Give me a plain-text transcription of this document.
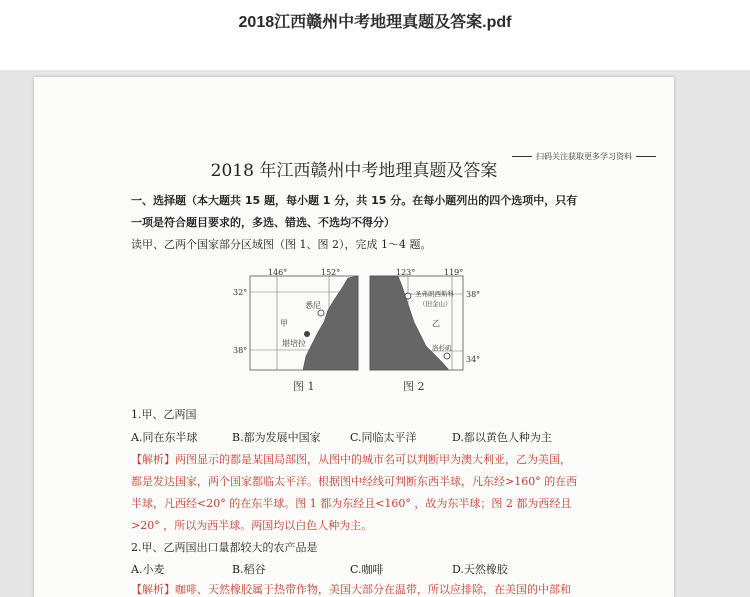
2018江西赣州中考地理真题及答案.pdf
扫码关注获取更多学习资料
2018 年江西赣州中考地理真题及答案
一、选择题（本大题共 15 题，每小题 1 分，共 15 分。在每小题列出的四个选项中，只有
一项是符合题目要求的，多选、错选、不选均不得分）
读甲、乙两个国家部分区域图（图 1、图 2），完成 1～4 题。
146°	152°
32°
38°
悉尼
甲
堪培拉
图 1
123°	119°
38°
34°
圣弗朗西斯科
（旧金山）
乙
洛杉矶
图 2
1.甲、乙两国
A.同在东半球	B.都为发展中国家	C.同临太平洋	D.都以黄色人种为主
【解析】两图显示的都是某国局部图，从图中的城市名可以判断甲为澳大利亚，乙为美国，
都是发达国家，两个国家都临太平洋。根据图中经线可判断东西半球，凡东经>160° 的在西
半球，凡西经<20° 的在东半球。图 1 都为东经且<160° ，故为东半球；图 2 都为西经且
>20° ，所以为西半球。两国均以白色人种为主。
2.甲、乙两国出口量都较大的农产品是
A.小麦	B.稻谷	C.咖啡	D.天然橡胶
【解析】咖啡、天然橡胶属于热带作物，美国大部分在温带，所以应排除，在美国的中部和
